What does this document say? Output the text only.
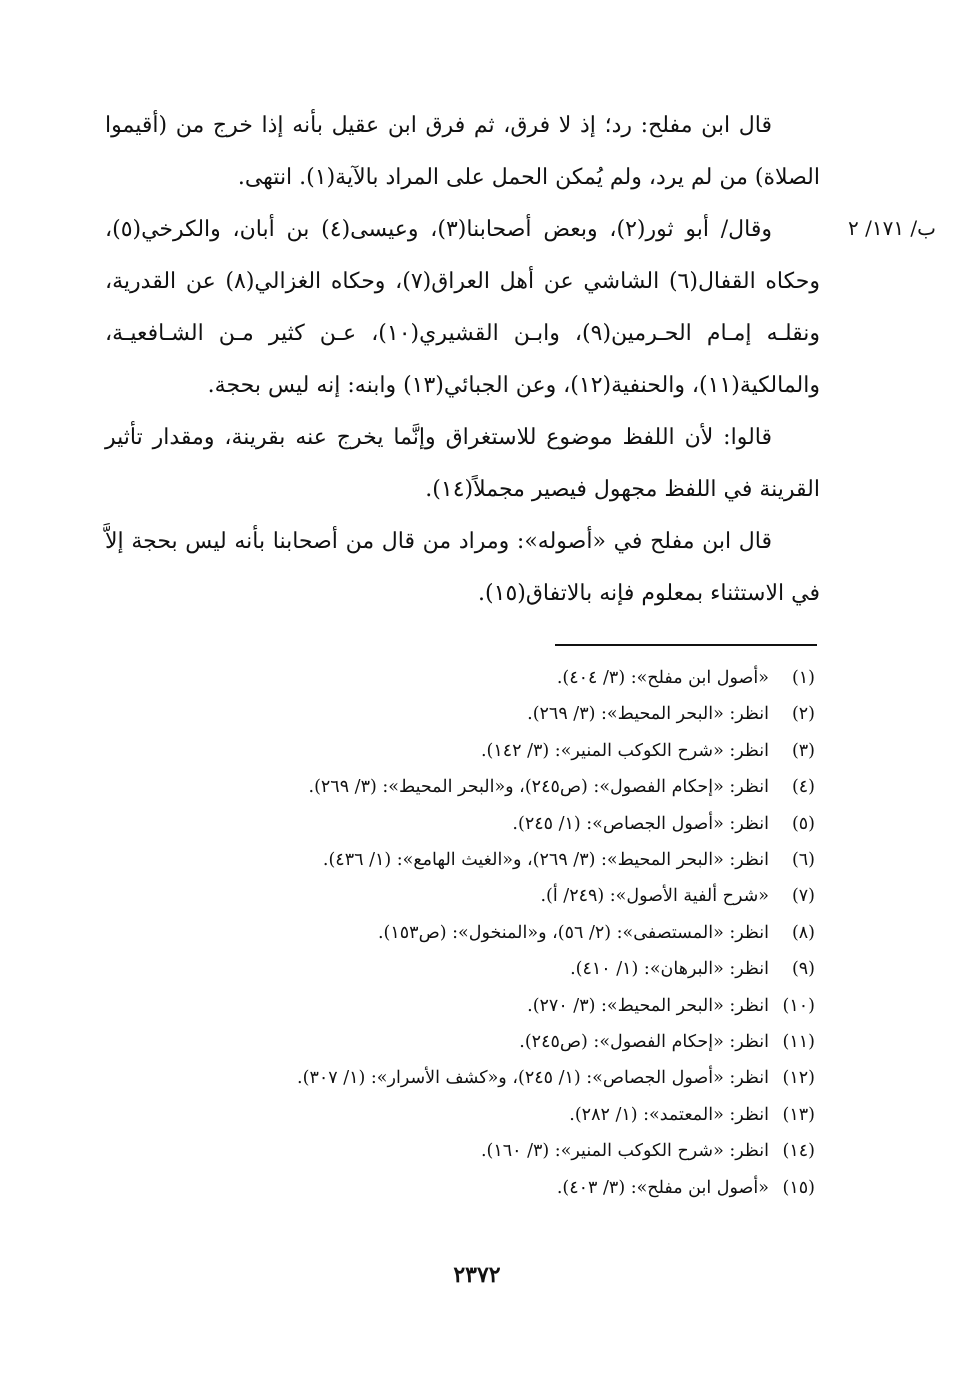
ب/ ١٧١/ ٢

قال ابن مفلح: رد؛ إذ لا فرق، ثم فرق ابن عقيل بأنه إذا خرج من (أقيموا الصلاة) من لم يرد، ولم يُمكن الحمل على المراد بالآية(١). انتهى.

وقال/ أبو ثور(٢)، وبعض أصحابنا(٣)، وعيسى(٤) بن أبان، والكرخي(٥)، وحكاه القفال(٦) الشاشي عن أهل العراق(٧)، وحكاه الغزالي(٨) عن القدرية، ونقلـه إمـام الحـرمين(٩)، وابـن القشيري(١٠)، عـن كثير مـن الشـافعيـة، والمالكية(١١)، والحنفية(١٢)، وعن الجبائي(١٣) وابنه: إنه ليس بحجة.

قالوا: لأن اللفظ موضوع للاستغراق وإنَّما يخرج عنه بقرينة، ومقدار تأثير القرينة في اللفظ مجهول فيصير مجملاً(١٤).

قال ابن مفلح في «أصوله»: ومراد من قال من أصحابنا بأنه ليس بحجة إلاَّ في الاستثناء بمعلوم فإنه بالاتفاق(١٥).

(١)«أصول ابن مفلح»: (٣/ ٤٠٤).
(٢)انظر: «البحر المحيط»: (٣/ ٢٦٩).
(٣)انظر: «شرح الكوكب المنير»: (٣/ ١٤٢).
(٤)انظر: «إحكام الفصول»: (ص٢٤٥)، و«البحر المحيط»: (٣/ ٢٦٩).
(٥)انظر: «أصول الجصاص»: (١/ ٢٤٥).
(٦)انظر: «البحر المحيط»: (٣/ ٢٦٩)، و«الغيث الهامع»: (١/ ٤٣٦).
(٧)«شرح ألفية الأصول»: (٢٤٩/ أ).
(٨)انظر: «المستصفى»: (٢/ ٥٦)، و«المنخول»: (ص١٥٣).
(٩)انظر: «البرهان»: (١/ ٤١٠).
(١٠)انظر: «البحر المحيط»: (٣/ ٢٧٠).
(١١)انظر: «إحكام الفصول»: (ص٢٤٥).
(١٢)انظر: «أصول الجصاص»: (١/ ٢٤٥)، و«كشف الأسرار»: (١/ ٣٠٧).
(١٣)انظر: «المعتمد»: (١/ ٢٨٢).
(١٤)انظر: «شرح الكوكب المنير»: (٣/ ١٦٠).
(١٥)«أصول ابن مفلح»: (٣/ ٤٠٣).
٢٣٧٢
